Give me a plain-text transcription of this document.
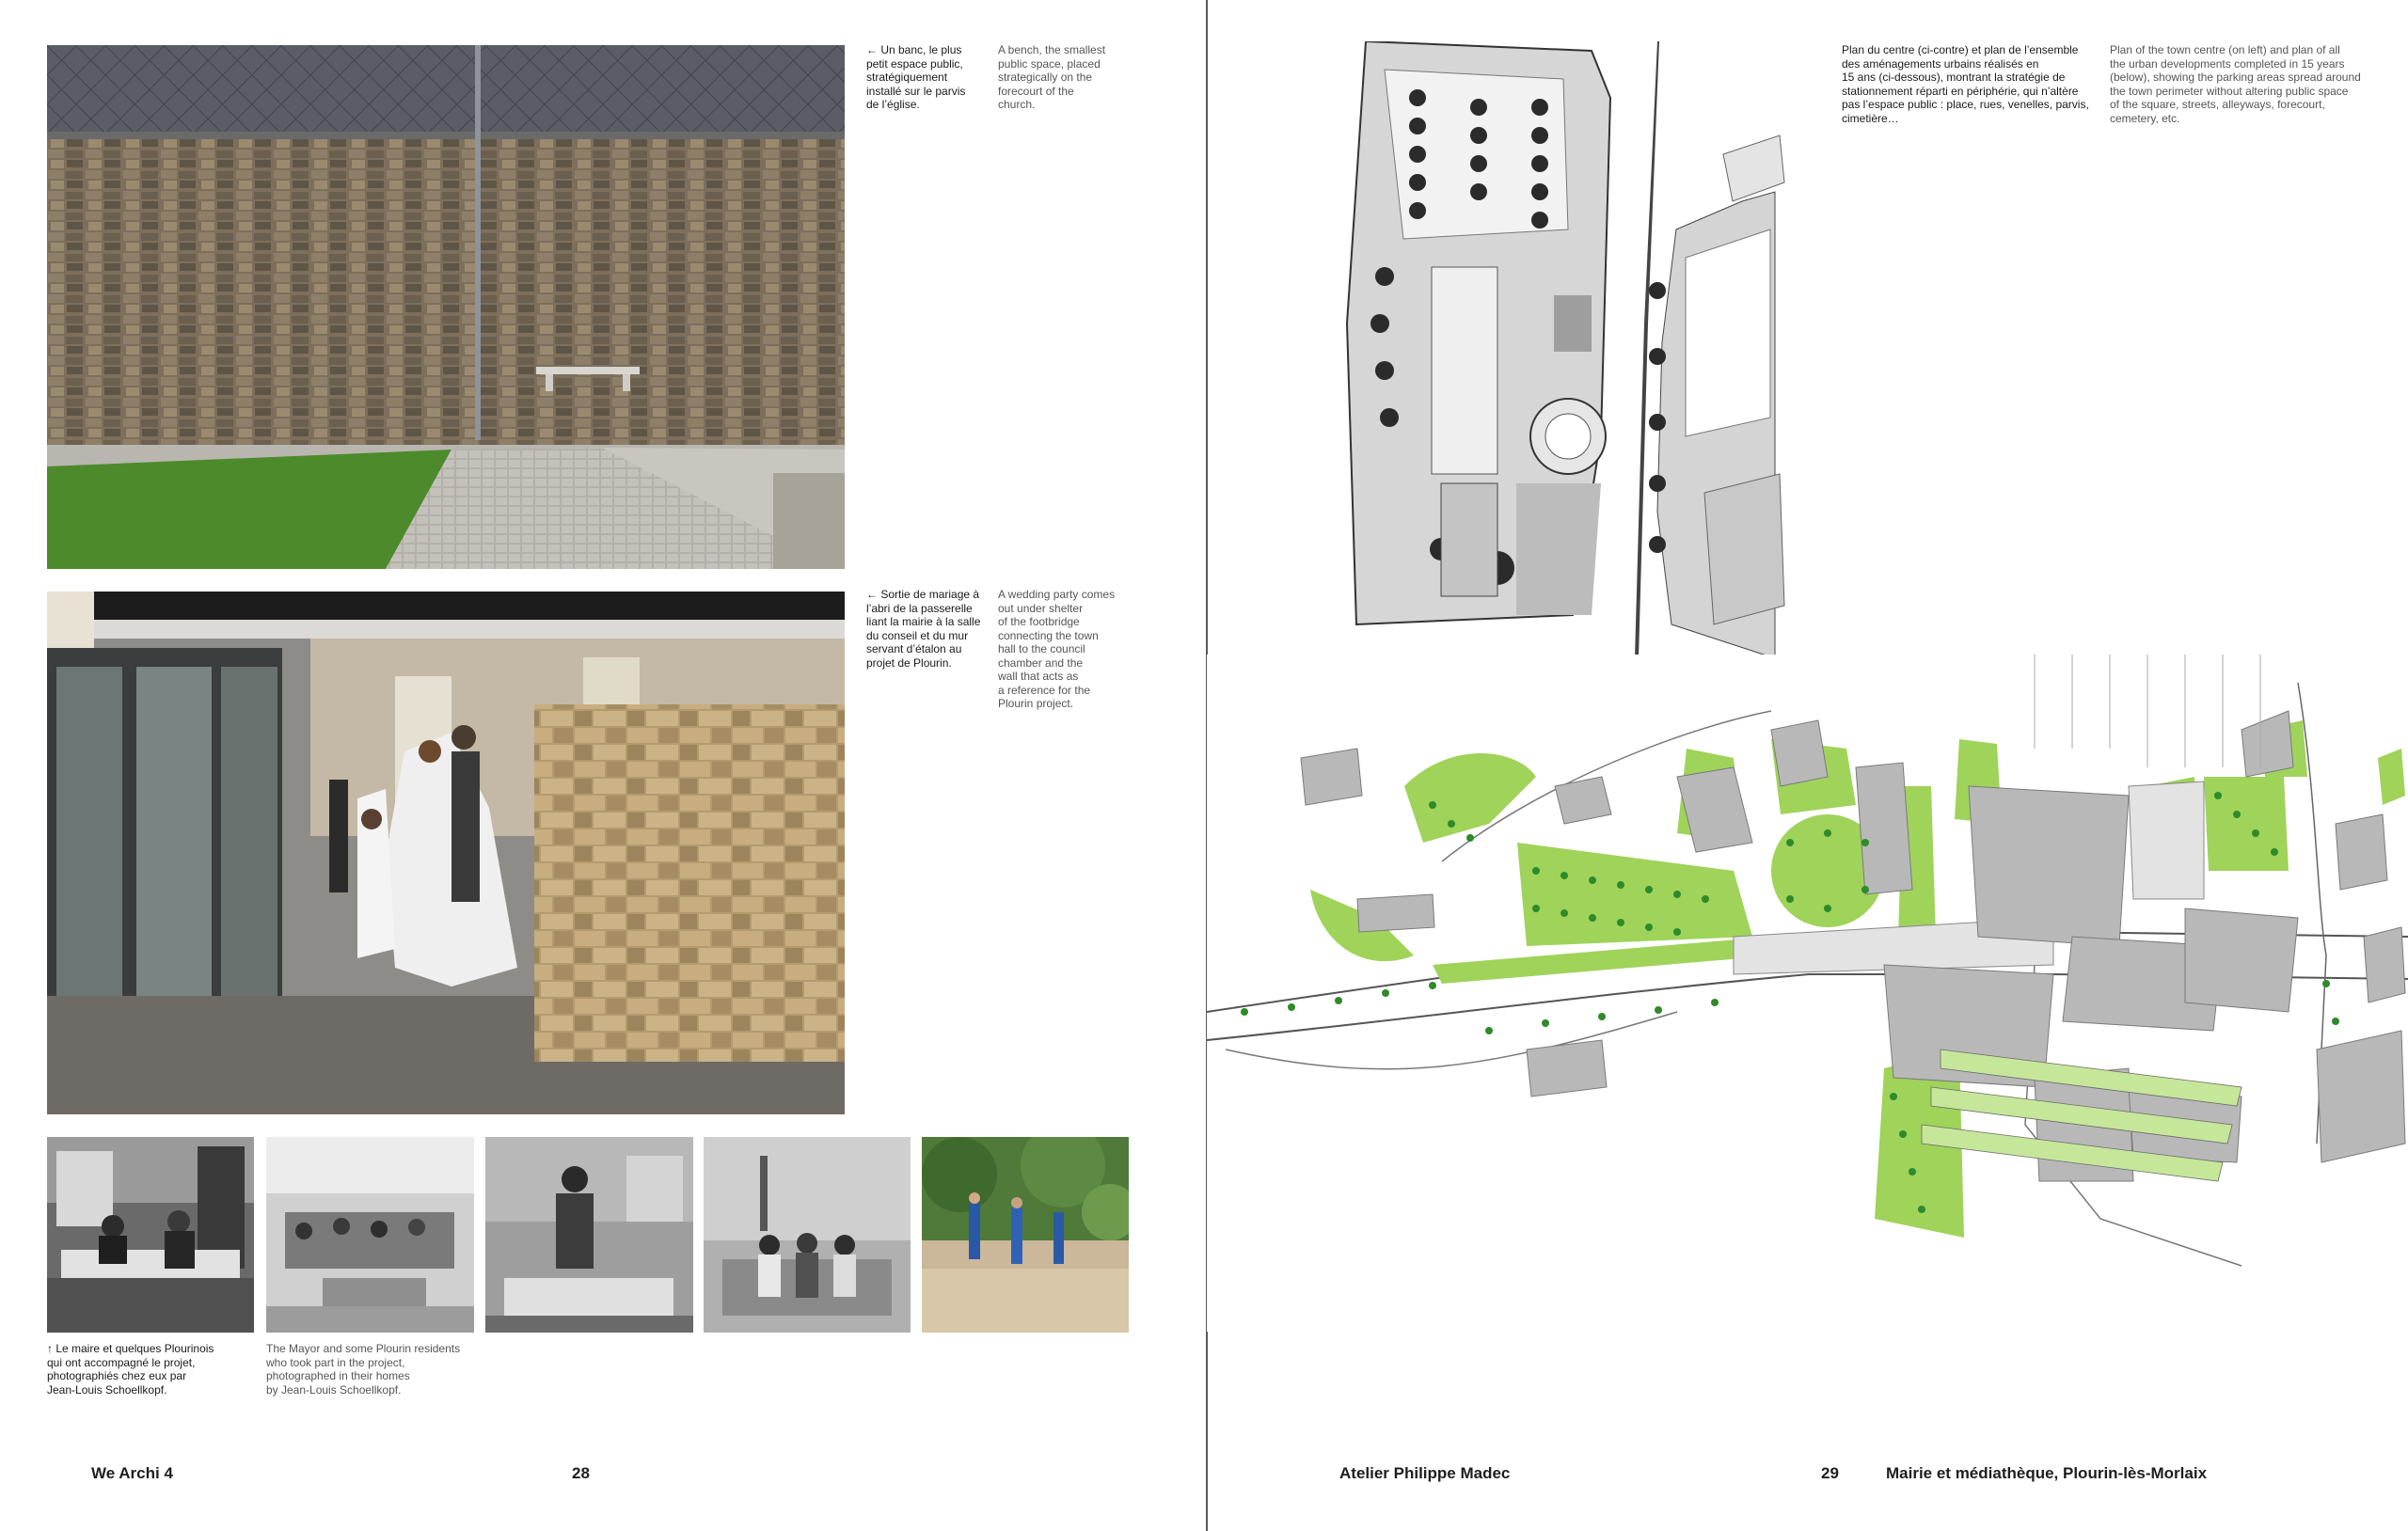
← Un banc, le plus
petit espace public,
stratégiquement
installé sur le parvis
de l’église.
A bench, the smallest
public space, placed
strategically on the
forecourt of the
church.
← Sortie de mariage à
l’abri de la passerelle
liant la mairie à la salle
du conseil et du mur
servant d’étalon au
projet de Plourin.
A wedding party comes
out under shelter
of the footbridge
connecting the town
hall to the council
chamber and the
wall that acts as
a reference for the
Plourin project.
↑ Le maire et quelques Plourinois
qui ont accompagné le projet,
photographiés chez eux par
Jean-Louis Schoellkopf.
The Mayor and some Plourin residents
who took part in the project,
photographed in their homes
by Jean-Louis Schoellkopf.
We Archi 4	28
Plan du centre (ci-contre) et plan de l’ensemble
des aménagements urbains réalisés en
15 ans (ci-dessous), montrant la stratégie de
stationnement réparti en périphérie, qui n’altère
pas l’espace public : place, rues, venelles, parvis,
cimetière…
Plan of the town centre (on left) and plan of all
the urban developments completed in 15 years
(below), showing the parking areas spread around
the town perimeter without altering public space
of the square, streets, alleyways, forecourt,
cemetery, etc.
Atelier Philippe Madec	29	Mairie et médiathèque, Plourin-lès-Morlaix
